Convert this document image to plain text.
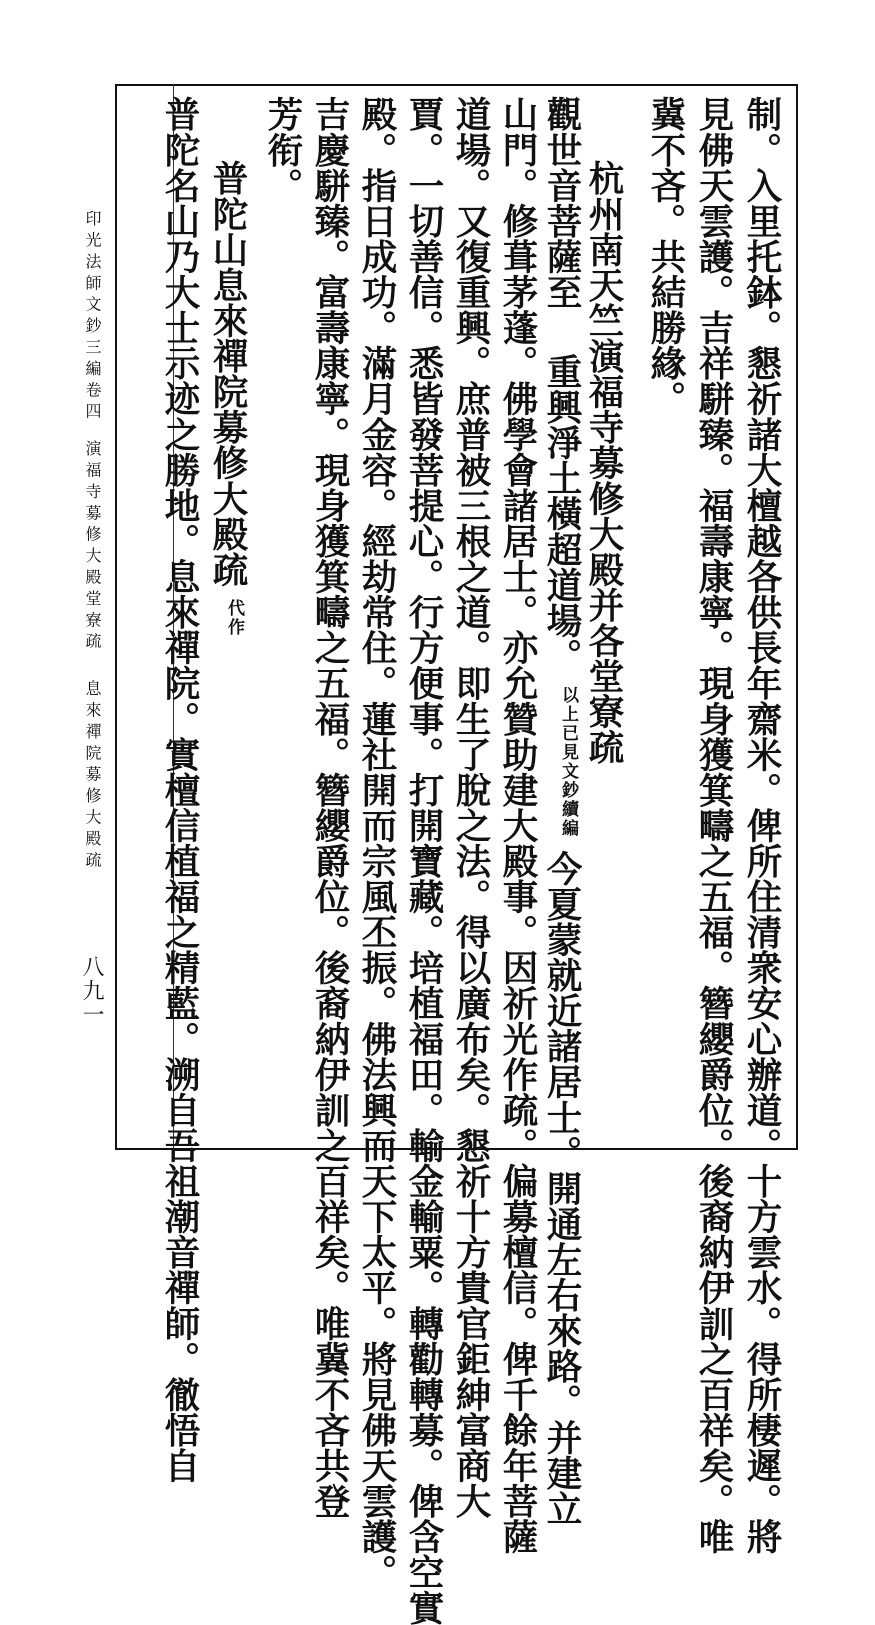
制。入里托鉢。懇祈諸大檀越各供長年齋米。俾所住清衆安心辦道。十方雲水。得所棲遲。將
見佛天雲護。吉祥駢臻。福壽康寧。現身獲箕疇之五福。簪纓爵位。後裔納伊訓之百祥矣。唯
冀不吝。共結勝緣。
杭州南天竺演福寺募修大殿并各堂寮疏
觀世音菩薩至 　 重興淨土橫超道場。 以上已見文鈔續編 今夏蒙就近諸居士。開通左右來路。并建立
山門。修葺茅蓬。佛學會諸居士。亦允贊助建大殿事。因祈光作疏。偏募檀信。俾千餘年菩薩
道場。又復重興。庶普被三根之道。即生了脫之法。得以廣布矣。懇祈十方貴官鉅紳富商大
賈。一切善信。悉皆發菩提心。行方便事。打開寶藏。培植福田。輸金輸粟。轉勸轉募。俾含空實
殿。指日成功。滿月金容。經劫常住。蓮社開而宗風丕振。佛法興而天下太平。將見佛天雲護。
吉慶駢臻。富壽康寧。現身獲箕疇之五福。簪纓爵位。後裔納伊訓之百祥矣。唯冀不吝共登
芳衔。
普陀山息來禪院募修大殿疏 代作
普陀名山乃大士示迹之勝地。息來禪院。實檀信植福之精藍。溯自吾祖潮音禪師。徹悟自
印光法師文鈔三編卷四
演福寺募修大殿堂寮疏
息來禪院募修大殿疏
八九一
